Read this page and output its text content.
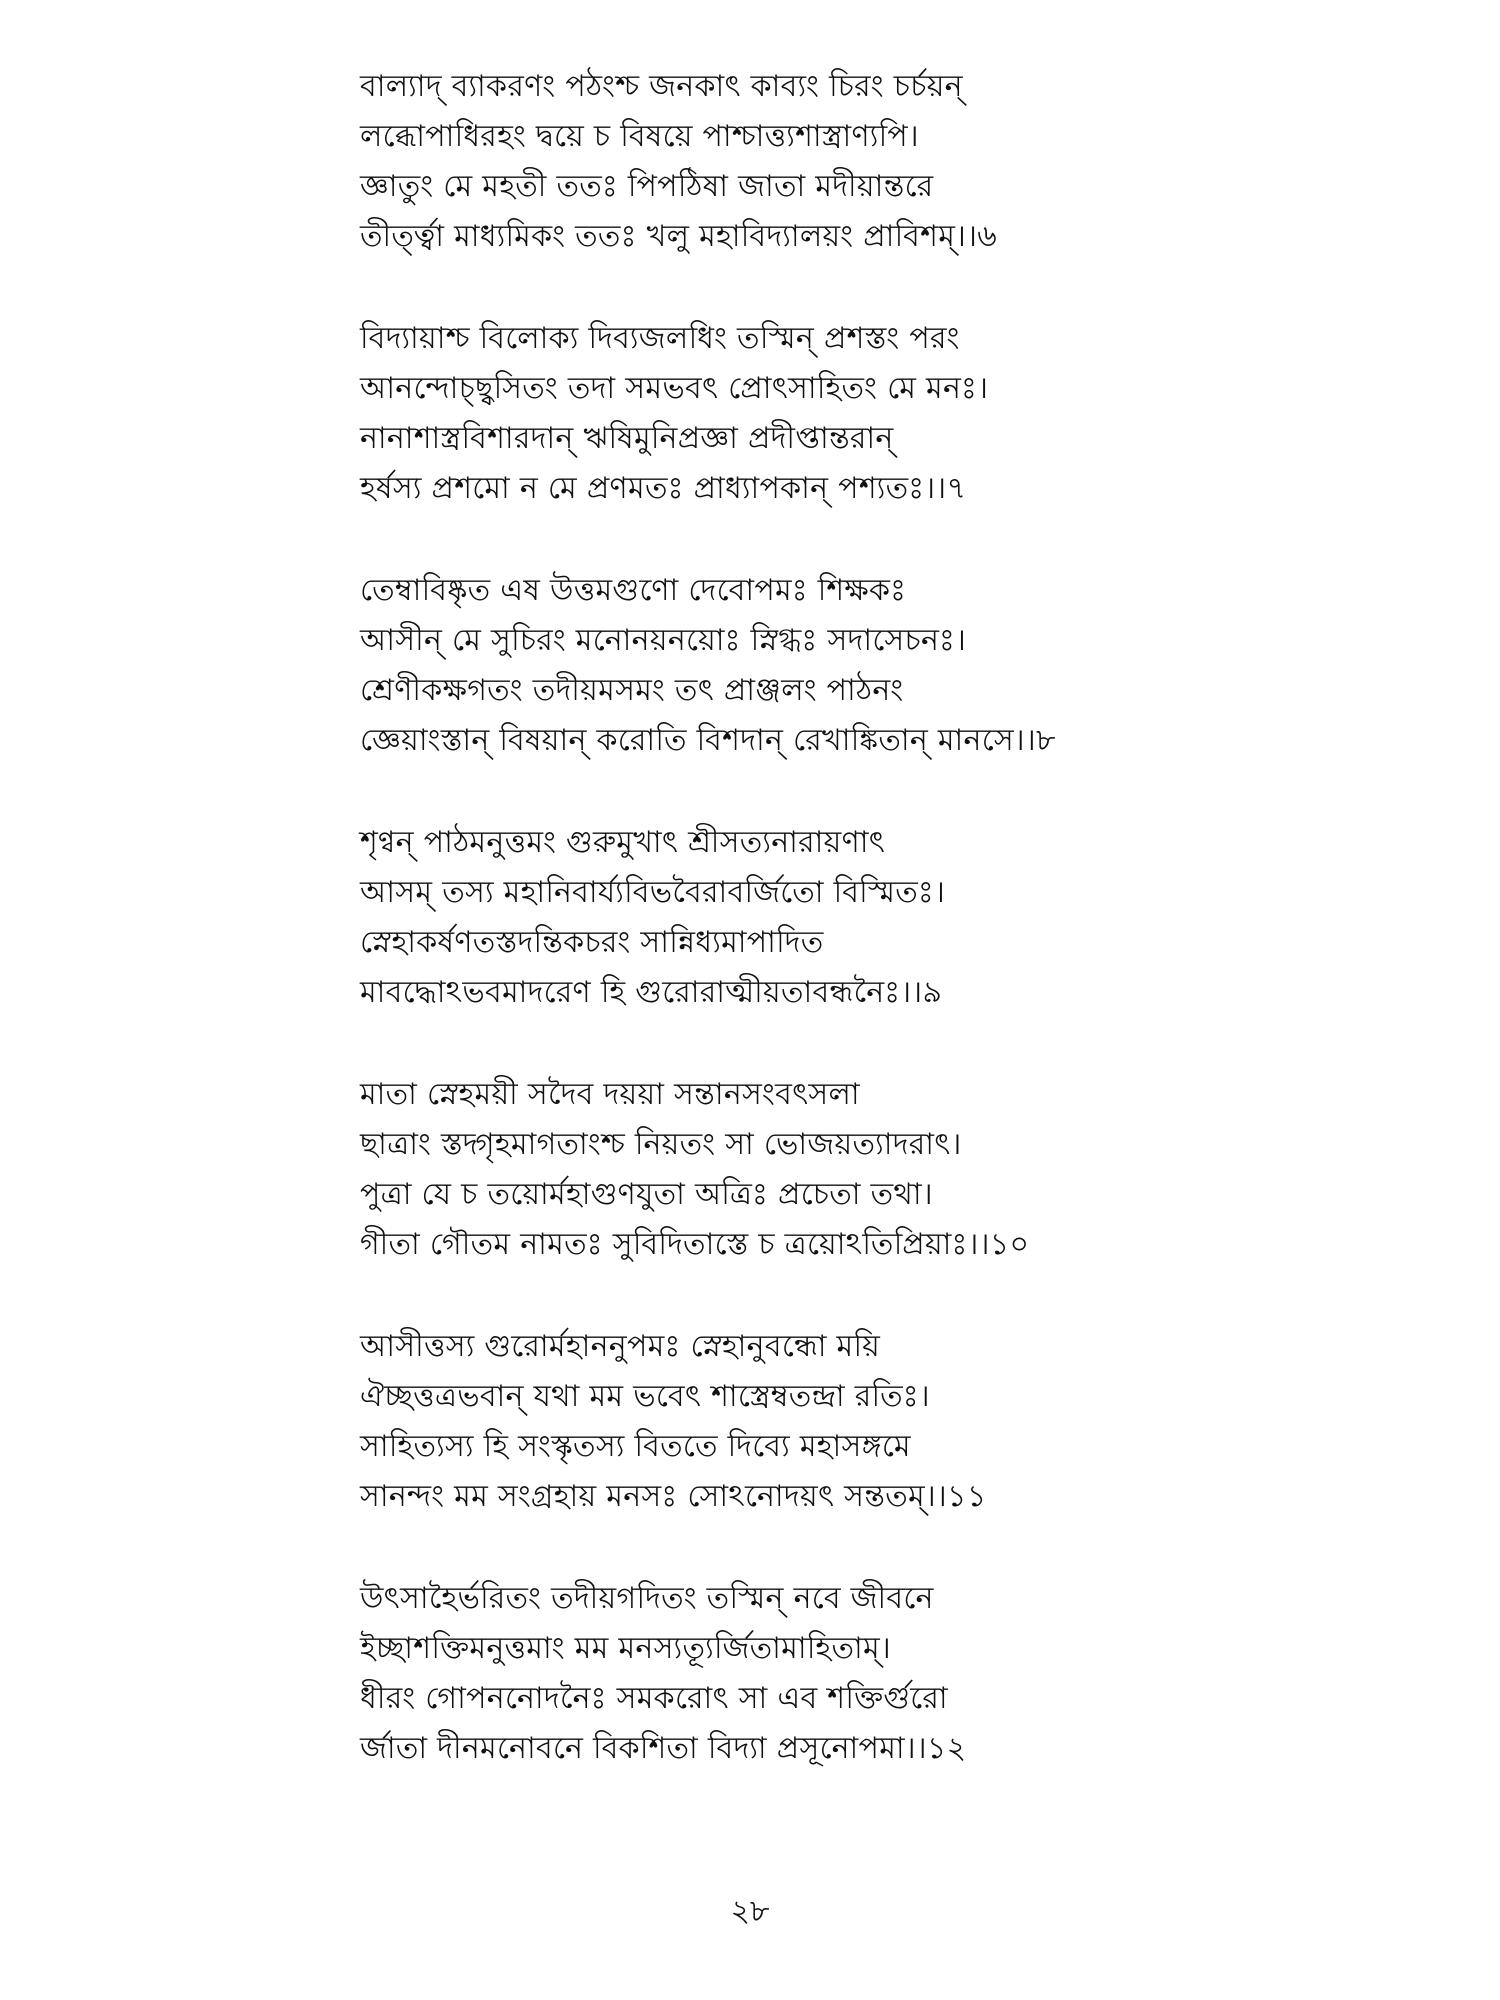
বাল্যাদ্ ব্যাকরণং পঠংশ্চ জনকাৎ কাব্যং চিরং চর্চয়ন্
লব্ধোপাধিরহং দ্বয়ে চ বিষয়ে পাশ্চাত্ত্যশাস্ত্রাণ্যপি।
জ্ঞাতুং মে মহতী ততঃ পিপঠিষা জাতা মদীয়ান্তরে
তীর্ত্ত্বা মাধ্যমিকং ততঃ খলু মহাবিদ্যালয়ং প্রাবিশম্।।৬
বিদ্যায়াশ্চ বিলোক্য দিব্যজলধিং তস্মিন্ প্রশস্তং পরং
আনন্দোচ্ছ্বসিতং তদা সমভবৎ প্রোৎসাহিতং মে মনঃ।
নানাশাস্ত্রবিশারদান্ ঋষিমুনিপ্রজ্ঞা প্রদীপ্তান্তরান্
হর্ষস্য প্রশমো ন মে প্রণমতঃ প্রাধ্যাপকান্ পশ্যতঃ।।৭
তেম্বাবিষ্কৃত এষ উত্তমগুণো দেবোপমঃ শিক্ষকঃ
আসীন্ মে সুচিরং মনোনয়নয়োঃ স্নিগ্ধঃ সদাসেচনঃ।
শ্রেণীকক্ষগতং তদীয়মসমং তৎ প্রাঞ্জলং পাঠনং
জ্ঞেয়াংস্তান্ বিষয়ান্ করোতি বিশদান্ রেখাঙ্কিতান্ মানসে।।৮
শৃণ্বন্ পাঠমনুত্তমং গুরুমুখাৎ শ্রীসত্যনারায়ণাৎ
আসম্ তস্য মহানিবার্য্যবিভবৈরাবর্জিতো বিস্মিতঃ।
স্নেহাকর্ষণতস্তদন্তিকচরং সান্নিধ্যমাপাদিত
মাবদ্ধোঽভবমাদরেণ হি গুরোরাত্মীয়তাবন্ধনৈঃ।।৯
মাতা স্নেহময়ী সদৈব দয়য়া সন্তানসংবৎসলা
ছাত্রাং স্তদ্গৃহমাগতাংশ্চ নিয়তং সা ভোজয়ত্যাদরাৎ।
পুত্রা যে চ তয়োর্মহাগুণযুতা অত্রিঃ প্রচেতা তথা।
গীতা গৌতম নামতঃ সুবিদিতাস্তে চ ত্রয়োঽতিপ্রিয়াঃ।।১০
আসীত্তস্য গুরোর্মহাননুপমঃ স্নেহানুবন্ধো ময়ি
ঐচ্ছত্তত্রভবান্ যথা মম ভবেৎ শাস্ত্রেম্বতন্দ্রা রতিঃ।
সাহিত্যস্য হি সংস্কৃতস্য বিততে দিব্যে মহাসঙ্গমে
সানন্দং মম সংগ্রহায় মনসঃ সোঽনোদয়ৎ সন্ততম্।।১১
উৎসাহৈর্ভরিতং তদীয়গদিতং তস্মিন্ নবে জীবনে
ইচ্ছাশক্তিমনুত্তমাং মম মনস্যত্যূর্জিতামাহিতাম্।
ধীরং গোপননোদনৈঃ সমকরোৎ সা এব শক্তির্গুরো
র্জাতা দীনমনোবনে বিকশিতা বিদ্যা প্রসূনোপমা।।১২
২৮
